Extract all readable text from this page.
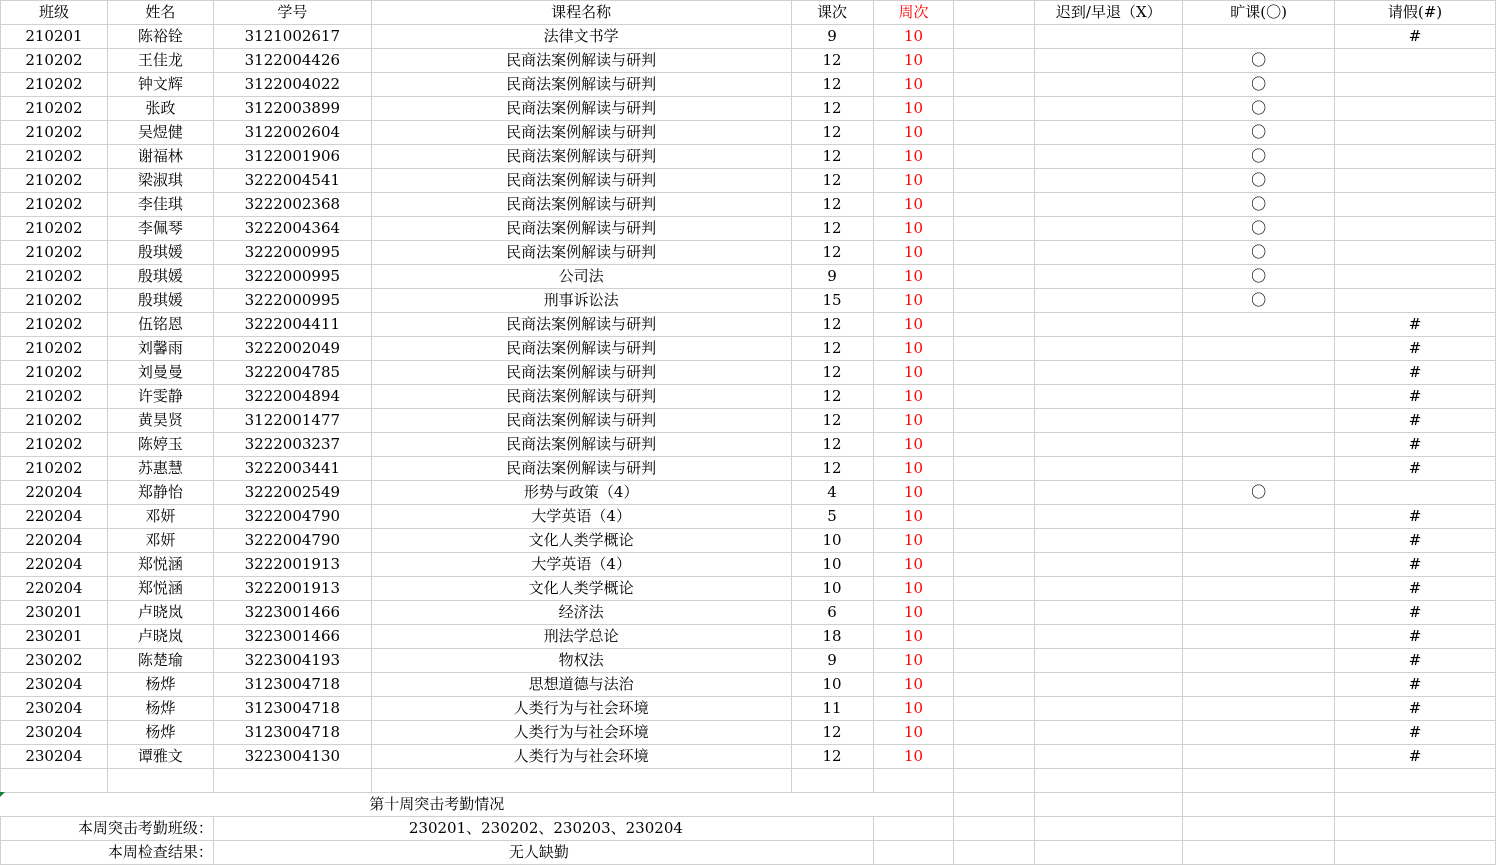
班级	姓名	学号	课程名称	课次	周次		迟到/早退（X）	旷课(〇)	请假(#)
210201	陈裕铨	3121002617	法律文书学	9	10				#
210202	王佳龙	3122004426	民商法案例解读与研判	12	10			〇	
210202	钟文辉	3122004022	民商法案例解读与研判	12	10			〇	
210202	张政	3122003899	民商法案例解读与研判	12	10			〇	
210202	吴煜健	3122002604	民商法案例解读与研判	12	10			〇	
210202	谢福林	3122001906	民商法案例解读与研判	12	10			〇	
210202	梁淑琪	3222004541	民商法案例解读与研判	12	10			〇	
210202	李佳琪	3222002368	民商法案例解读与研判	12	10			〇	
210202	李佩琴	3222004364	民商法案例解读与研判	12	10			〇	
210202	殷琪媛	3222000995	民商法案例解读与研判	12	10			〇	
210202	殷琪媛	3222000995	公司法	9	10			〇	
210202	殷琪媛	3222000995	刑事诉讼法	15	10			〇	
210202	伍铭恩	3222004411	民商法案例解读与研判	12	10				#
210202	刘馨雨	3222002049	民商法案例解读与研判	12	10				#
210202	刘曼曼	3222004785	民商法案例解读与研判	12	10				#
210202	许雯静	3222004894	民商法案例解读与研判	12	10				#
210202	黄昊贤	3122001477	民商法案例解读与研判	12	10				#
210202	陈婷玉	3222003237	民商法案例解读与研判	12	10				#
210202	苏惠慧	3222003441	民商法案例解读与研判	12	10				#
220204	郑静怡	3222002549	形势与政策（4）	4	10			〇	
220204	邓妍	3222004790	大学英语（4）	5	10				#
220204	邓妍	3222004790	文化人类学概论	10	10				#
220204	郑悦涵	3222001913	大学英语（4）	10	10				#
220204	郑悦涵	3222001913	文化人类学概论	10	10				#
230201	卢晓岚	3223001466	经济法	6	10				#
230201	卢晓岚	3223001466	刑法学总论	18	10				#
230202	陈楚瑜	3223004193	物权法	9	10				#
230204	杨烨	3123004718	思想道德与法治	10	10				#
230204	杨烨	3123004718	人类行为与社会环境	11	10				#
230204	杨烨	3123004718	人类行为与社会环境	12	10				#
230204	谭雅文	3223004130	人类行为与社会环境	12	10				#

第十周突击考勤情况									
本周突击考勤班级：		230201、230202、230203、230204							
本周检查结果：		无人缺勤							
